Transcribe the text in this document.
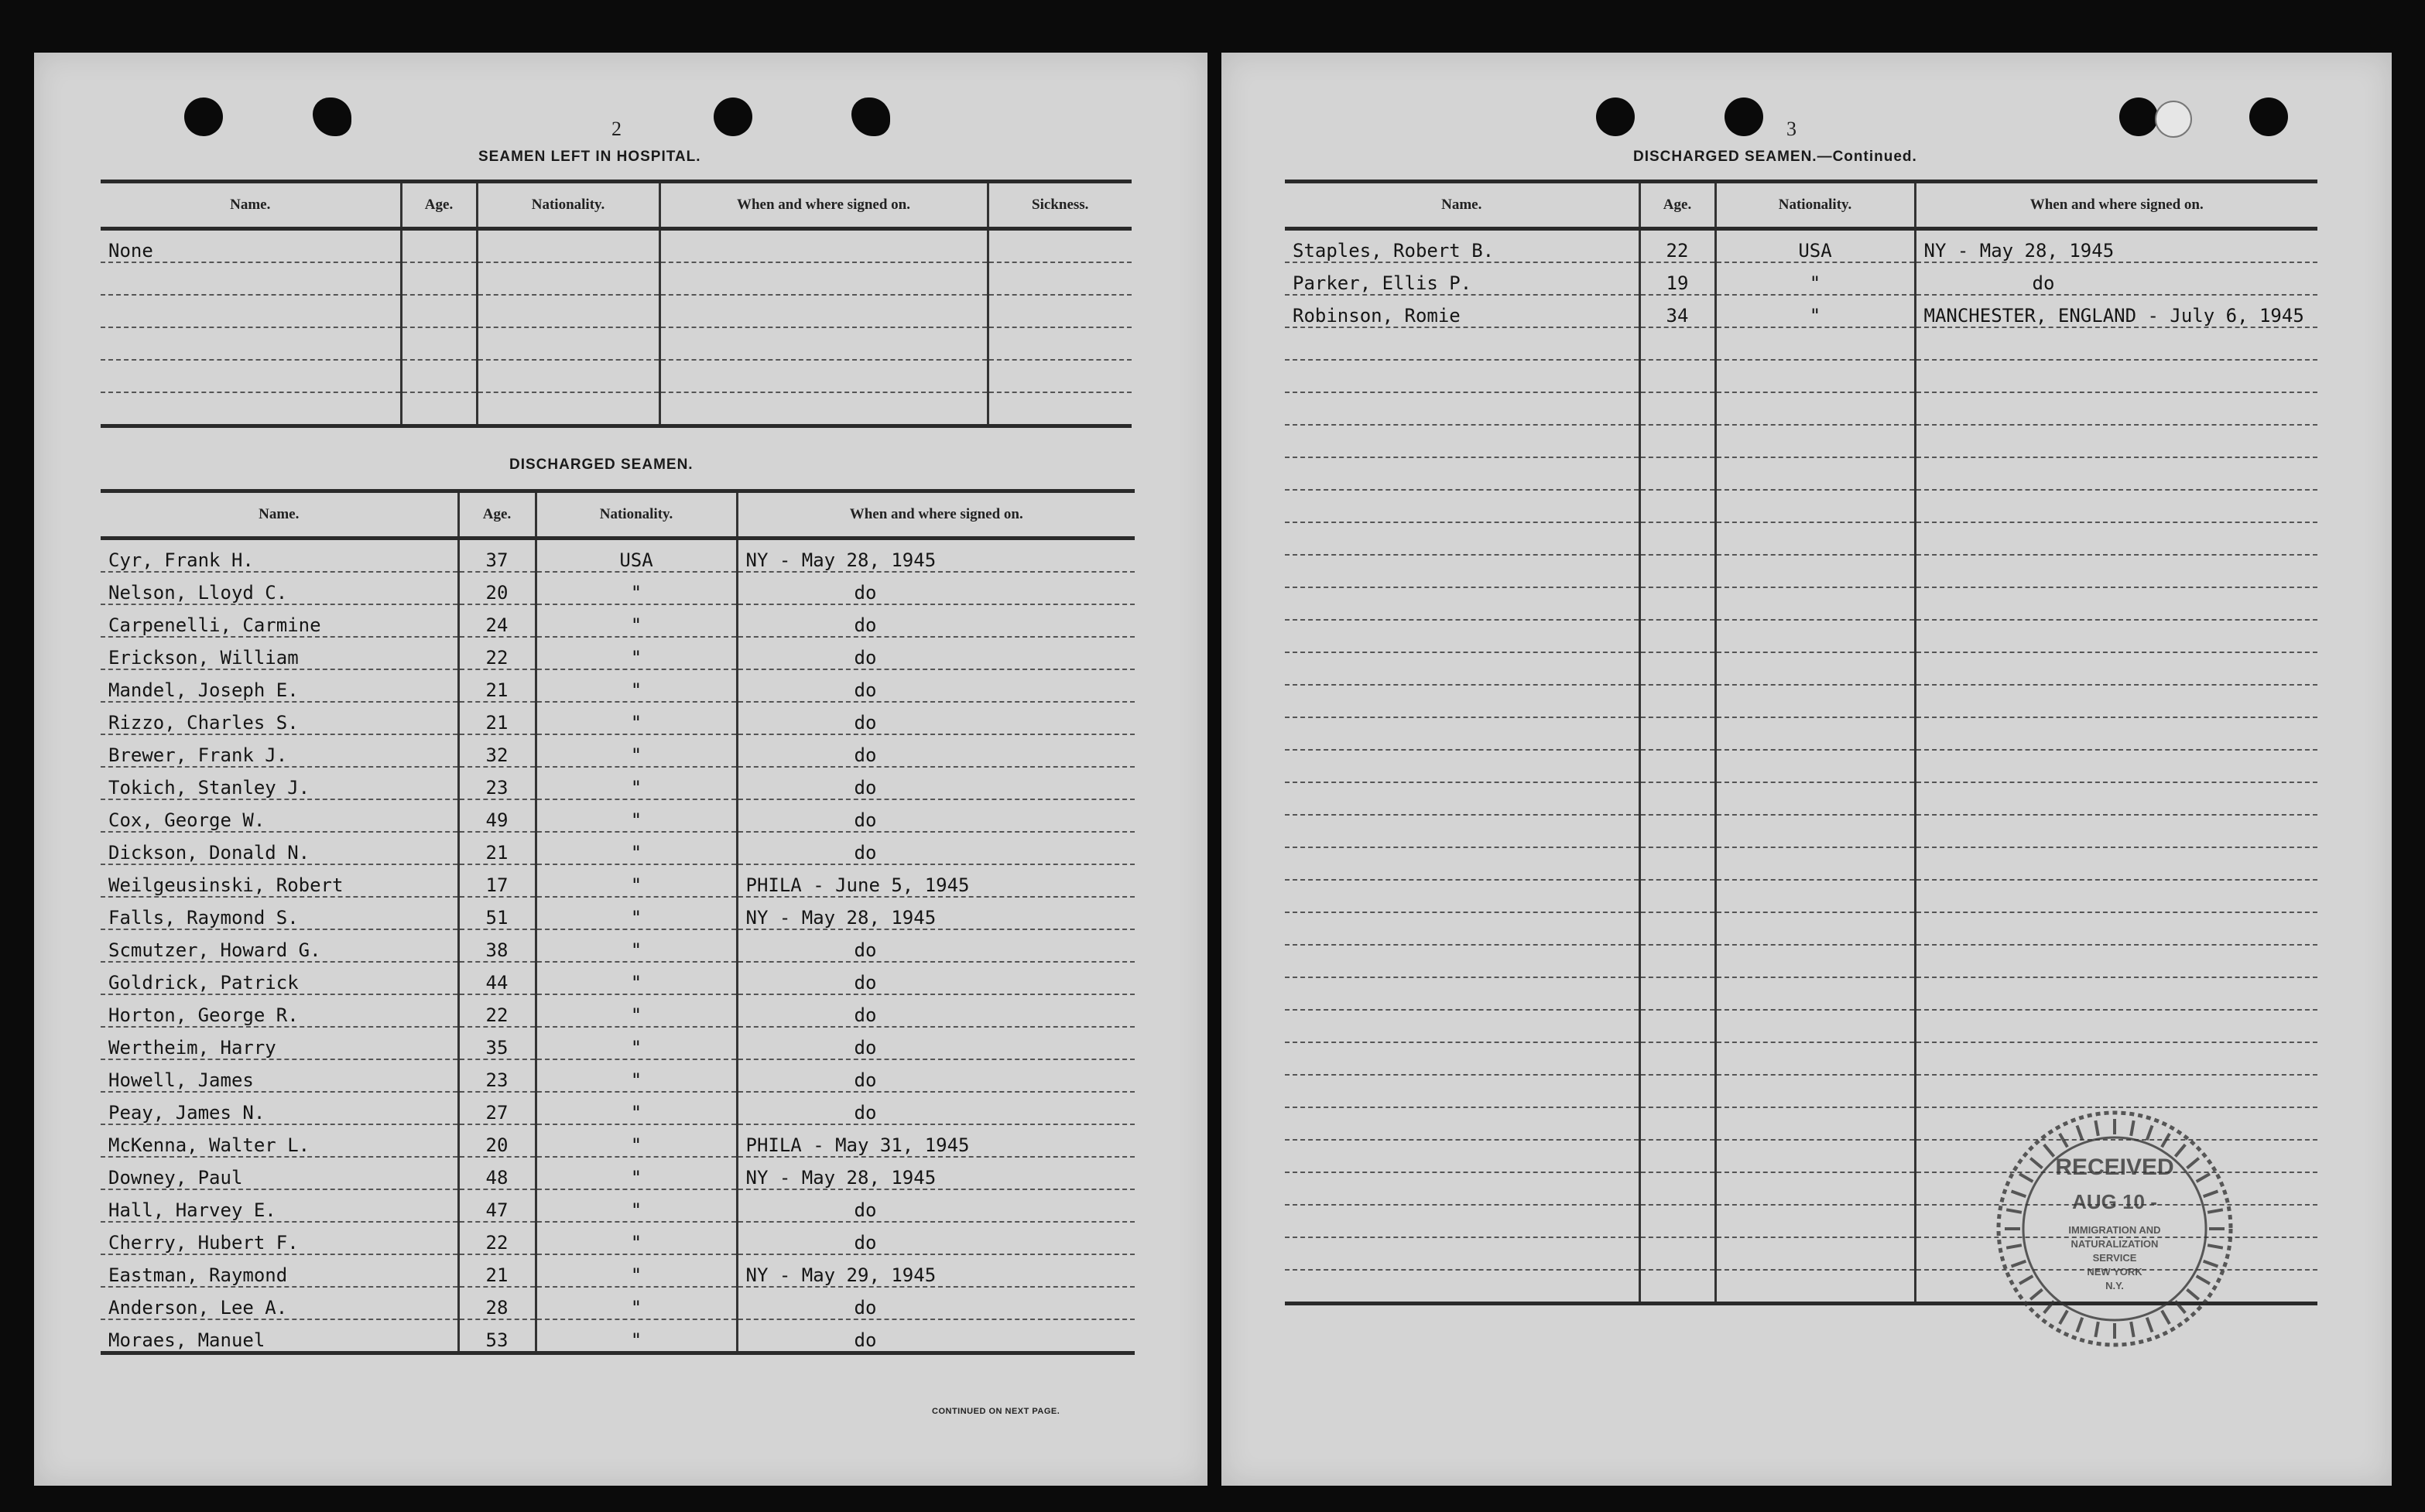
2
SEAMEN LEFT IN HOSPITAL.
Name.	Age.	Nationality.	When and where signed on.	Sickness.
None				

DISCHARGED SEAMEN.
Name.	Age.	Nationality.	When and where signed on.
Cyr, Frank H.	37	USA	NY - May 28, 1945
Nelson, Lloyd C.	20	"	do
Carpenelli, Carmine	24	"	do
Erickson, William	22	"	do
Mandel, Joseph E.	21	"	do
Rizzo, Charles S.	21	"	do
Brewer, Frank J.	32	"	do
Tokich, Stanley J.	23	"	do
Cox, George W.	49	"	do
Dickson, Donald N.	21	"	do
Weilgeusinski, Robert	17	"	PHILA - June 5, 1945
Falls, Raymond S.	51	"	NY - May 28, 1945
Scmutzer, Howard G.	38	"	do
Goldrick, Patrick	44	"	do
Horton, George R.	22	"	do
Wertheim, Harry	35	"	do
Howell, James	23	"	do
Peay, James N.	27	"	do
McKenna, Walter L.	20	"	PHILA - May 31, 1945
Downey, Paul	48	"	NY - May 28, 1945
Hall, Harvey E.	47	"	do
Cherry, Hubert F.	22	"	do
Eastman, Raymond	21	"	NY - May 29, 1945
Anderson, Lee A.	28	"	do
Moraes, Manuel	53	"	do
CONTINUED ON NEXT PAGE.
3
DISCHARGED SEAMEN.—Continued.
Name.	Age.	Nationality.	When and where signed on.
Staples, Robert B.	22	USA	NY - May 28, 1945
Parker, Ellis P.	19	"	do
Robinson, Romie	34	"	MANCHESTER, ENGLAND - July 6, 1945

RECEIVED
AUG 10 -
IMMIGRATION AND
NATURALIZATION
SERVICE
NEW YORK
N.Y.
